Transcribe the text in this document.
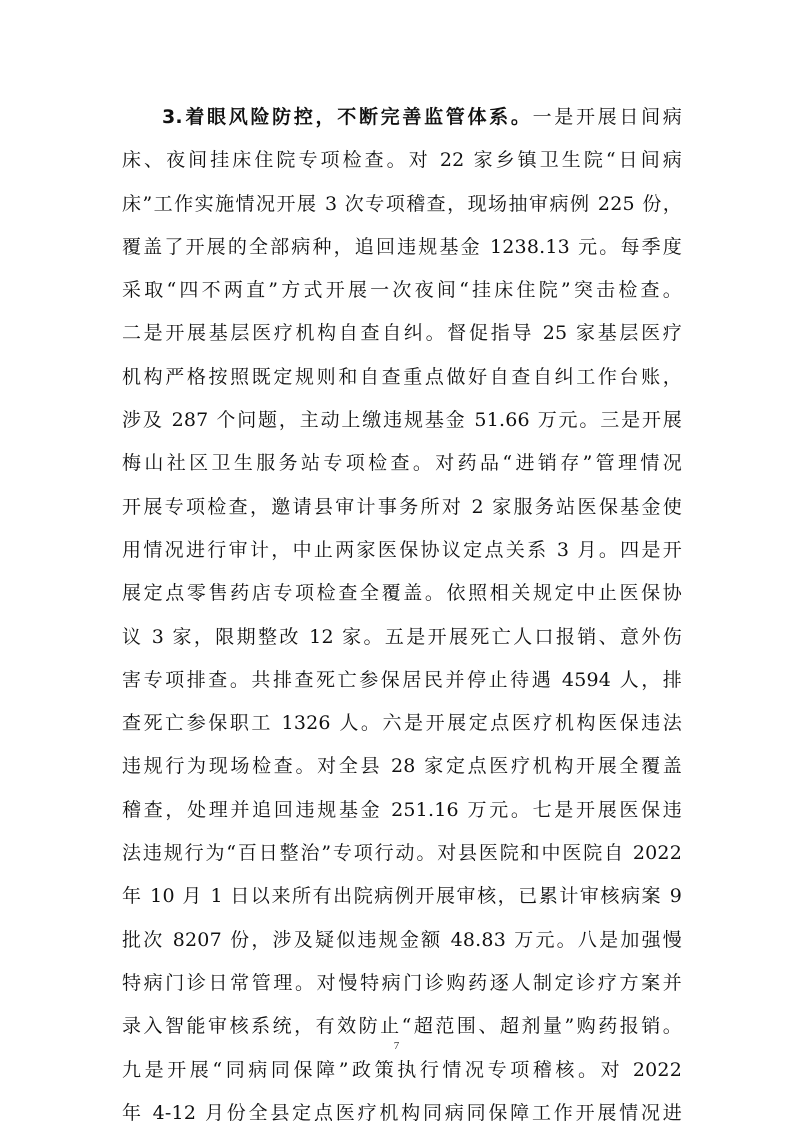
3.着眼风险防控，不断完善监管体系。一是开展日间病
床、夜间挂床住院专项检查。对 22 家乡镇卫生院“日间病
床”工作实施情况开展 3 次专项稽查，现场抽审病例 225 份，
覆盖了开展的全部病种，追回违规基金 1238.13 元。每季度
采取“四不两直”方式开展一次夜间“挂床住院”突击检查。
二是开展基层医疗机构自查自纠。督促指导 25 家基层医疗
机构严格按照既定规则和自查重点做好自查自纠工作台账，
涉及 287 个问题，主动上缴违规基金 51.66 万元。三是开展
梅山社区卫生服务站专项检查。对药品“进销存”管理情况
开展专项检查，邀请县审计事务所对 2 家服务站医保基金使
用情况进行审计，中止两家医保协议定点关系 3 月。四是开
展定点零售药店专项检查全覆盖。依照相关规定中止医保协
议 3 家，限期整改 12 家。五是开展死亡人口报销、意外伤
害专项排查。共排查死亡参保居民并停止待遇 4594 人，排
查死亡参保职工 1326 人。六是开展定点医疗机构医保违法
违规行为现场检查。对全县 28 家定点医疗机构开展全覆盖
稽查，处理并追回违规基金 251.16 万元。七是开展医保违
法违规行为“百日整治”专项行动。对县医院和中医院自 2022
年 10 月 1 日以来所有出院病例开展审核，已累计审核病案 9
批次 8207 份，涉及疑似违规金额 48.83 万元。八是加强慢
特病门诊日常管理。对慢特病门诊购药逐人制定诊疗方案并
录入智能审核系统，有效防止“超范围、超剂量”购药报销。
九是开展“同病同保障”政策执行情况专项稽核。对 2022
年 4-12 月份全县定点医疗机构同病同保障工作开展情况进
7
